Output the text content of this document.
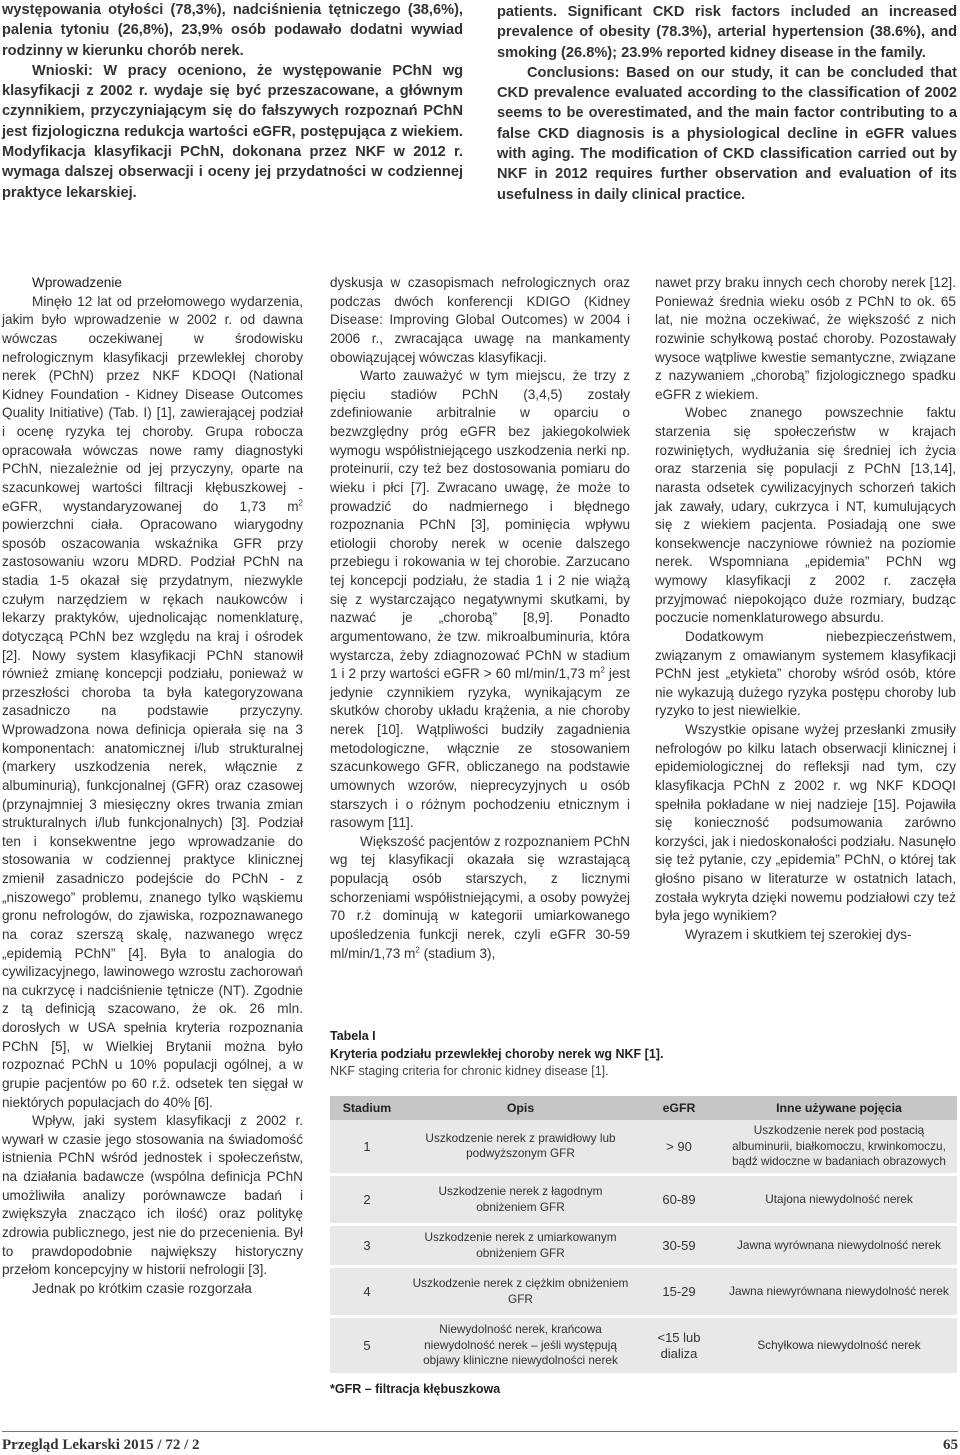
występowania otyłości (78,3%), nadciśnienia tętniczego (38,6%), palenia tytoniu (26,8%), 23,9% osób podawało dodatni wywiad rodzinny w kierunku chorób nerek.

Wnioski: W pracy oceniono, że występowanie PChN wg klasyfikacji z 2002 r. wydaje się być przeszacowane, a głównym czynnikiem, przyczyniającym się do fałszywych rozpoznań PChN jest fizjologiczna redukcja wartości eGFR, postępująca z wiekiem. Modyfikacja klasyfikacji PChN, dokonana przez NKF w 2012 r. wymaga dalszej obserwacji i oceny jej przydatności w codziennej praktyce lekarskiej.

patients. Significant CKD risk factors included an increased prevalence of obesity (78.3%), arterial hypertension (38.6%), and smoking (26.8%); 23.9% reported kidney disease in the family.

Conclusions: Based on our study, it can be concluded that CKD prevalence evaluated according to the classification of 2002 seems to be overestimated, and the main factor contributing to a false CKD diagnosis is a physiological decline in eGFR values with aging. The modification of CKD classification carried out by NKF in 2012 requires further observation and evaluation of its usefulness in daily clinical practice.

Wprowadzenie

Minęło 12 lat od przełomowego wydarzenia, jakim było wprowadzenie w 2002 r. od dawna wówczas oczekiwanej w środowisku nefrologicznym klasyfikacji przewlekłej choroby nerek (PChN) przez NKF KDOQI (National Kidney Foundation - Kidney Disease Outcomes Quality Initiative) (Tab. I) [1], zawierającej podział i ocenę ryzyka tej choroby. Grupa robocza opracowała wówczas nowe ramy diagnostyki PChN, niezależnie od jej przyczyny, oparte na szacunkowej wartości filtracji kłębuszkowej - eGFR, wystandaryzowanej do 1,73 $m^2$ powierzchni ciała. Opracowano wiarygodny sposób oszacowania wskaźnika GFR przy zastosowaniu wzoru MDRD. Podział PChN na stadia 1-5 okazał się przydatnym, niezwykle czułym narzędziem w rękach naukowców i lekarzy praktyków, ujednolicając nomenklaturę, dotyczącą PChN bez względu na kraj i ośrodek [2]. Nowy system klasyfikacji PChN stanowił również zmianę koncepcji podziału, ponieważ w przeszłości choroba ta była kategoryzowana zasadniczo na podstawie przyczyny. Wprowadzona nowa definicja opierała się na 3 komponentach: anatomicznej i/lub strukturalnej (markery uszkodzenia nerek, włącznie z albuminurią), funkcjonalnej (GFR) oraz czasowej (przynajmniej 3 miesięczny okres trwania zmian strukturalnych i/lub funkcjonalnych) [3]. Podział ten i konsekwentne jego wprowadzanie do stosowania w codziennej praktyce klinicznej zmienił zasadniczo podejście do PChN - z „niszowego” problemu, znanego tylko wąskiemu gronu nefrologów, do zjawiska, rozpoznawanego na coraz szerszą skalę, nazwanego wręcz „epidemią PChN” [4]. Była to analogia do cywilizacyjnego, lawinowego wzrostu zachorowań na cukrzycę i nadciśnienie tętnicze (NT). Zgodnie z tą definicją szacowano, że ok. 26 mln. dorosłych w USA spełnia kryteria rozpoznania PChN [5], w Wielkiej Brytanii można było rozpoznać PChN u 10% populacji ogólnej, a w grupie pacjentów po 60 r.ż. odsetek ten sięgał w niektórych populacjach do 40% [6].

Wpływ, jaki system klasyfikacji z 2002 r. wywarł w czasie jego stosowania na świadomość istnienia PChN wśród jednostek i społeczeństw, na działania badawcze (wspólna definicja PChN umożliwiła analizy porównawcze badań i zwiększyła znacząco ich ilość) oraz politykę zdrowia publicznego, jest nie do przecenienia. Był to prawdopodobnie największy historyczny przełom koncepcyjny w historii nefrologii [3].

Jednak po krótkim czasie rozgorzała

dyskusja w czasopismach nefrologicznych oraz podczas dwóch konferencji KDIGO (Kidney Disease: Improving Global Outcomes) w 2004 i 2006 r., zwracająca uwagę na mankamenty obowiązującej wówczas klasyfikacji.

Warto zauważyć w tym miejscu, że trzy z pięciu stadiów PChN (3,4,5) zostały zdefiniowanie arbitralnie w oparciu o bezwzględny próg eGFR bez jakiegokolwiek wymogu współistniejącego uszkodzenia nerki np. proteinurii, czy też bez dostosowania pomiaru do wieku i płci [7]. Zwracano uwagę, że może to prowadzić do nadmiernego i błędnego rozpoznania PChN [3], pominięcia wpływu etiologii choroby nerek w ocenie dalszego przebiegu i rokowania w tej chorobie. Zarzucano tej koncepcji podziału, że stadia 1 i 2 nie wiążą się z wystarczająco negatywnymi skutkami, by nazwać je „chorobą” [8,9]. Ponadto argumentowano, że tzw. mikroalbuminuria, która wystarcza, żeby zdiagnozować PChN w stadium 1 i 2 przy wartości eGFR > 60 ml/min/1,73 $m^2$ jest jedynie czynnikiem ryzyka, wynikającym ze skutków choroby układu krążenia, a nie choroby nerek [10]. Wątpliwości budziły zagadnienia metodologiczne, włącznie ze stosowaniem szacunkowego GFR, obliczanego na podstawie umownych wzorów, nieprecyzyjnych u osób starszych i o różnym pochodzeniu etnicznym i rasowym [11].

Większość pacjentów z rozpoznaniem PChN wg tej klasyfikacji okazała się wzrastającą populacją osób starszych, z licznymi schorzeniami współistniejącymi, a osoby powyżej 70 r.ż dominują w kategorii umiarkowanego upośledzenia funkcji nerek, czyli eGFR 30-59 ml/min/1,73 $m^2$ (stadium 3),

nawet przy braku innych cech choroby nerek [12]. Ponieważ średnia wieku osób z PChN to ok. 65 lat, nie można oczekiwać, że większość z nich rozwinie schyłkową postać choroby. Pozostawały wysoce wątpliwe kwestie semantyczne, związane z nazywaniem „chorobą” fizjologicznego spadku eGFR z wiekiem.

Wobec znanego powszechnie faktu starzenia się społeczeństw w krajach rozwiniętych, wydłużania się średniej ich życia oraz starzenia się populacji z PChN [13,14], narasta odsetek cywilizacyjnych schorzeń takich jak zawały, udary, cukrzyca i NT, kumulujących się z wiekiem pacjenta. Posiadają one swe konsekwencje naczyniowe również na poziomie nerek. Wspomniana „epidemia” PChN wg wymowy klasyfikacji z 2002 r. zaczęła przyjmować niepokojąco duże rozmiary, budząc poczucie nomenklaturowego absurdu.

Dodatkowym niebezpieczeństwem, związanym z omawianym systemem klasyfikacji PChN jest „etykieta” choroby wśród osób, które nie wykazują dużego ryzyka postępu choroby lub ryzyko to jest niewielkie.

Wszystkie opisane wyżej przesłanki zmusiły nefrologów po kilku latach obserwacji klinicznej i epidemiologicznej do refleksji nad tym, czy klasyfikacja PChN z 2002 r. wg NKF KDOQI spełniła pokładane w niej nadzieje [15]. Pojawiła się konieczność podsumowania zarówno korzyści, jak i niedoskonałości podziału. Nasunęło się też pytanie, czy „epidemia” PChN, o której tak głośno pisano w literaturze w ostatnich latach, została wykryta dzięki nowemu podziałowi czy też była jego wynikiem?

Wyrazem i skutkiem tej szerokiej dys-

Tabela I
Kryteria podziału przewlekłej choroby nerek wg NKF [1].
NKF staging criteria for chronic kidney disease [1].
Stadium	Opis	eGFR	Inne używane pojęcia
1	Uszkodzenie nerek z prawidłowy lub podwyższonym GFR	> 90	Uszkodzenie nerek pod postacią albuminurii, białkomoczu, krwinkomoczu, bądź widoczne w badaniach obrazowych
2	Uszkodzenie nerek z łagodnym obniżeniem GFR	60-89	Utajona niewydolność nerek
3	Uszkodzenie nerek z umiarkowanym obniżeniem GFR	30-59	Jawna wyrównana niewydolność nerek
4	Uszkodzenie nerek z ciężkim obniżeniem GFR	15-29	Jawna niewyrównana niewydolność nerek
5	Niewydolność nerek, krańcowa niewydolność nerek – jeśli występują objawy kliniczne niewydolności nerek	<15 lub dializa	Schyłkowa niewydolność nerek
*GFR – filtracja kłębuszkowa
Przegląd Lekarski 2015 / 72 / 2	65
